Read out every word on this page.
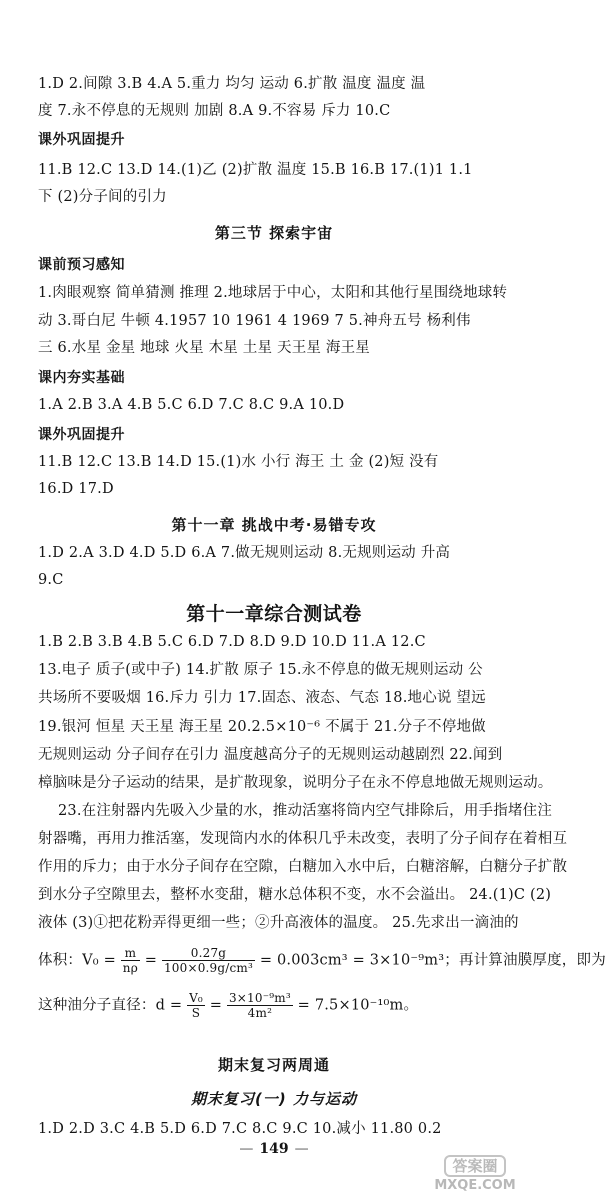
1.D 2.间隙 3.B 4.A 5.重力 均匀 运动 6.扩散 温度 温度 温
度 7.永不停息的无规则 加剧 8.A 9.不容易 斥力 10.C
课外巩固提升
11.B 12.C 13.D 14.(1)乙 (2)扩散 温度 15.B 16.B 17.(1)1 1.1
下 (2)分子间的引力
第三节 探索宇宙
课前预习感知
1.肉眼观察 简单猜测 推理 2.地球居于中心，太阳和其他行星围绕地球转
动 3.哥白尼 牛顿 4.1957 10 1961 4 1969 7 5.神舟五号 杨利伟
三 6.水星 金星 地球 火星 木星 土星 天王星 海王星
课内夯实基础
1.A 2.B 3.A 4.B 5.C 6.D 7.C 8.C 9.A 10.D
课外巩固提升
11.B 12.C 13.B 14.D 15.(1)水 小行 海王 土 金 (2)短 没有
16.D 17.D
第十一章 挑战中考·易错专攻
1.D 2.A 3.D 4.D 5.D 6.A 7.做无规则运动 8.无规则运动 升高
9.C
第十一章综合测试卷
1.B 2.B 3.B 4.B 5.C 6.D 7.D 8.D 9.D 10.D 11.A 12.C
13.电子 质子(或中子) 14.扩散 原子 15.永不停息的做无规则运动 公
共场所不要吸烟 16.斥力 引力 17.固态、液态、气态 18.地心说 望远
19.银河 恒星 天王星 海王星 20.2.5×10⁻⁶ 不属于 21.分子不停地做
无规则运动 分子间存在引力 温度越高分子的无规则运动越剧烈 22.闻到
樟脑味是分子运动的结果，是扩散现象，说明分子在永不停息地做无规则运动。
23.在注射器内先吸入少量的水，推动活塞将筒内空气排除后，用手指堵住注
射器嘴，再用力推活塞，发现筒内水的体积几乎未改变，表明了分子间存在着相互
作用的斥力；由于水分子间存在空隙，白糖加入水中后，白糖溶解，白糖分子扩散
到水分子空隙里去，整杯水变甜，糖水总体积不变，水不会溢出。 24.(1)C (2)
液体 (3)①把花粉弄得更细一些；②升高液体的温度。 25.先求出一滴油的
体积：$V_0 = \frac{m}{n\rho} = \frac{0.27g}{\text{100×0.9g/cm³}} = 0.003cm^3 = 3\times 10^{-9}m^3$；再计算油膜厚度，即为
这种油分子直径：$d = \frac{\text{V₀}}{S} = \frac{\text{3×10⁻⁹m³}}{\text{4m²}} = 7.5\times 10^{-10}m$。
期末复习两周通
期末复习(一) 力与运动
1.D 2.D 3.C 4.B 5.D 6.D 7.C 8.C 9.C 10.减小 11.80 0.2
— 149 —
答案圈
MXQE.COM
